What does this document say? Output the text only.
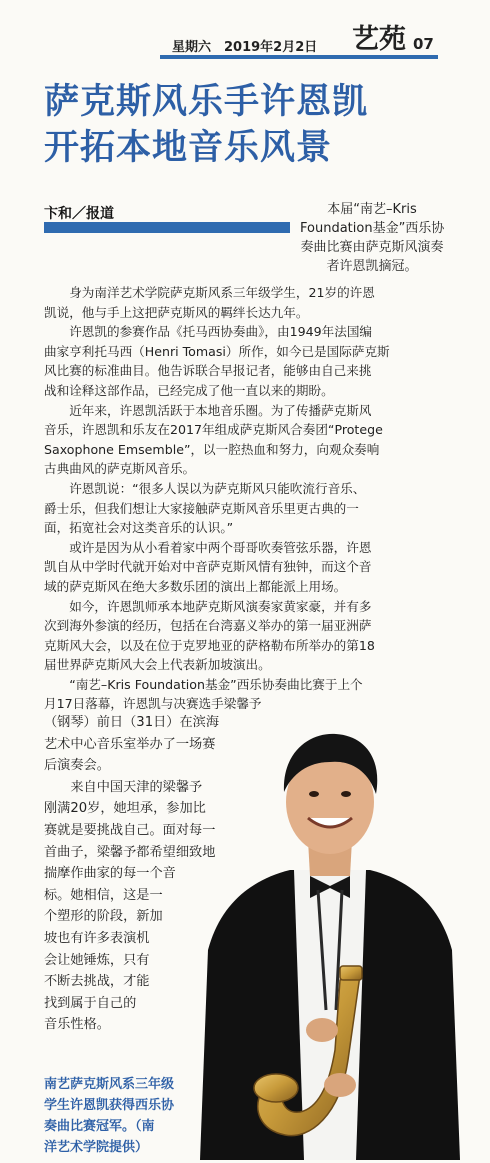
星期六　2019年2月2日 艺苑 07
萨克斯风乐手许恩凯
开拓本地音乐风景
卞和／报道	本届“南艺–Kris
Foundation基金”西乐协
奏曲比赛由萨克斯风演奏
者许恩凯摘冠。
　　身为南洋艺术学院萨克斯风系三年级学生，21岁的许恩
凯说，他与手上这把萨克斯风的羁绊长达九年。
　　许恩凯的参赛作品《托马西协奏曲》，由1949年法国编
曲家亨利托马西（Henri Tomasi）所作，如今已是国际萨克斯
风比赛的标准曲目。他告诉联合早报记者，能够由自己来挑
战和诠释这部作品，已经完成了他一直以来的期盼。
　　近年来，许恩凯活跃于本地音乐圈。为了传播萨克斯风
音乐，许恩凯和乐友在2017年组成萨克斯风合奏团“Protege
Saxophone Emsemble”，以一腔热血和努力，向观众奏响
古典曲风的萨克斯风音乐。
　　许恩凯说：“很多人误以为萨克斯风只能吹流行音乐、
爵士乐，但我们想让大家接触萨克斯风音乐里更古典的一
面，拓宽社会对这类音乐的认识。”
　　或许是因为从小看着家中两个哥哥吹奏管弦乐器，许恩
凯自从中学时代就开始对中音萨克斯风情有独钟，而这个音
域的萨克斯风在绝大多数乐团的演出上都能派上用场。
　　如今，许恩凯师承本地萨克斯风演奏家黄家豪，并有多
次到海外参演的经历，包括在台湾嘉义举办的第一届亚洲萨
克斯风大会，以及在位于克罗地亚的萨格勒布所举办的第18
届世界萨克斯风大会上代表新加坡演出。
　　“南艺–Kris Foundation基金”西乐协奏曲比赛于上个
月17日落幕，许恩凯与决赛选手梁馨予
（钢琴）前日（31日）在滨海
艺术中心音乐室举办了一场赛
后演奏会。
　　来自中国天津的梁馨予
刚满20岁，她坦承，参加比
赛就是要挑战自己。面对每一
首曲子，梁馨予都希望细致地
揣摩作曲家的每一个音
标。她相信，这是一
个塑形的阶段，新加
坡也有许多表演机
会让她锤炼，只有
不断去挑战，才能
找到属于自己的
音乐性格。
南艺萨克斯风系三年级
学生许恩凯获得西乐协
奏曲比赛冠军。（南
洋艺术学院提供）
